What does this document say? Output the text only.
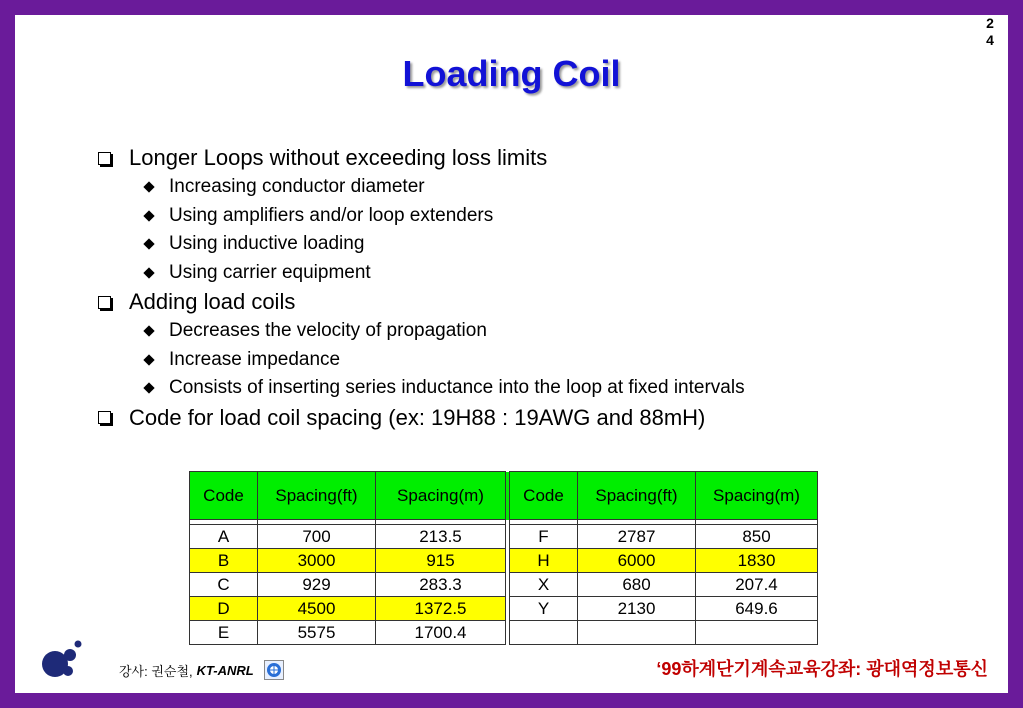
2
4
Loading Coil
Longer Loops without exceeding loss limits
Increasing conductor diameter
Using amplifiers and/or loop extenders
Using inductive loading
Using carrier equipment
Adding load coils
Decreases the velocity of propagation
Increase impedance
Consists of inserting series inductance into the loop at fixed intervals
Code for load coil spacing (ex: 19H88 : 19AWG and 88mH)
Code	Spacing(ft)	Spacing(m)		Code	Spacing(ft)	Spacing(m)

A	700	213.5		F	2787	850
B	3000	915		H	6000	1830
C	929	283.3		X	680	207.4
D	4500	1372.5		Y	2130	649.6
E	5575	1700.4				
강사: 권순철, KT-ANRL	‘99하계단기계속교육강좌: 광대역정보통신
